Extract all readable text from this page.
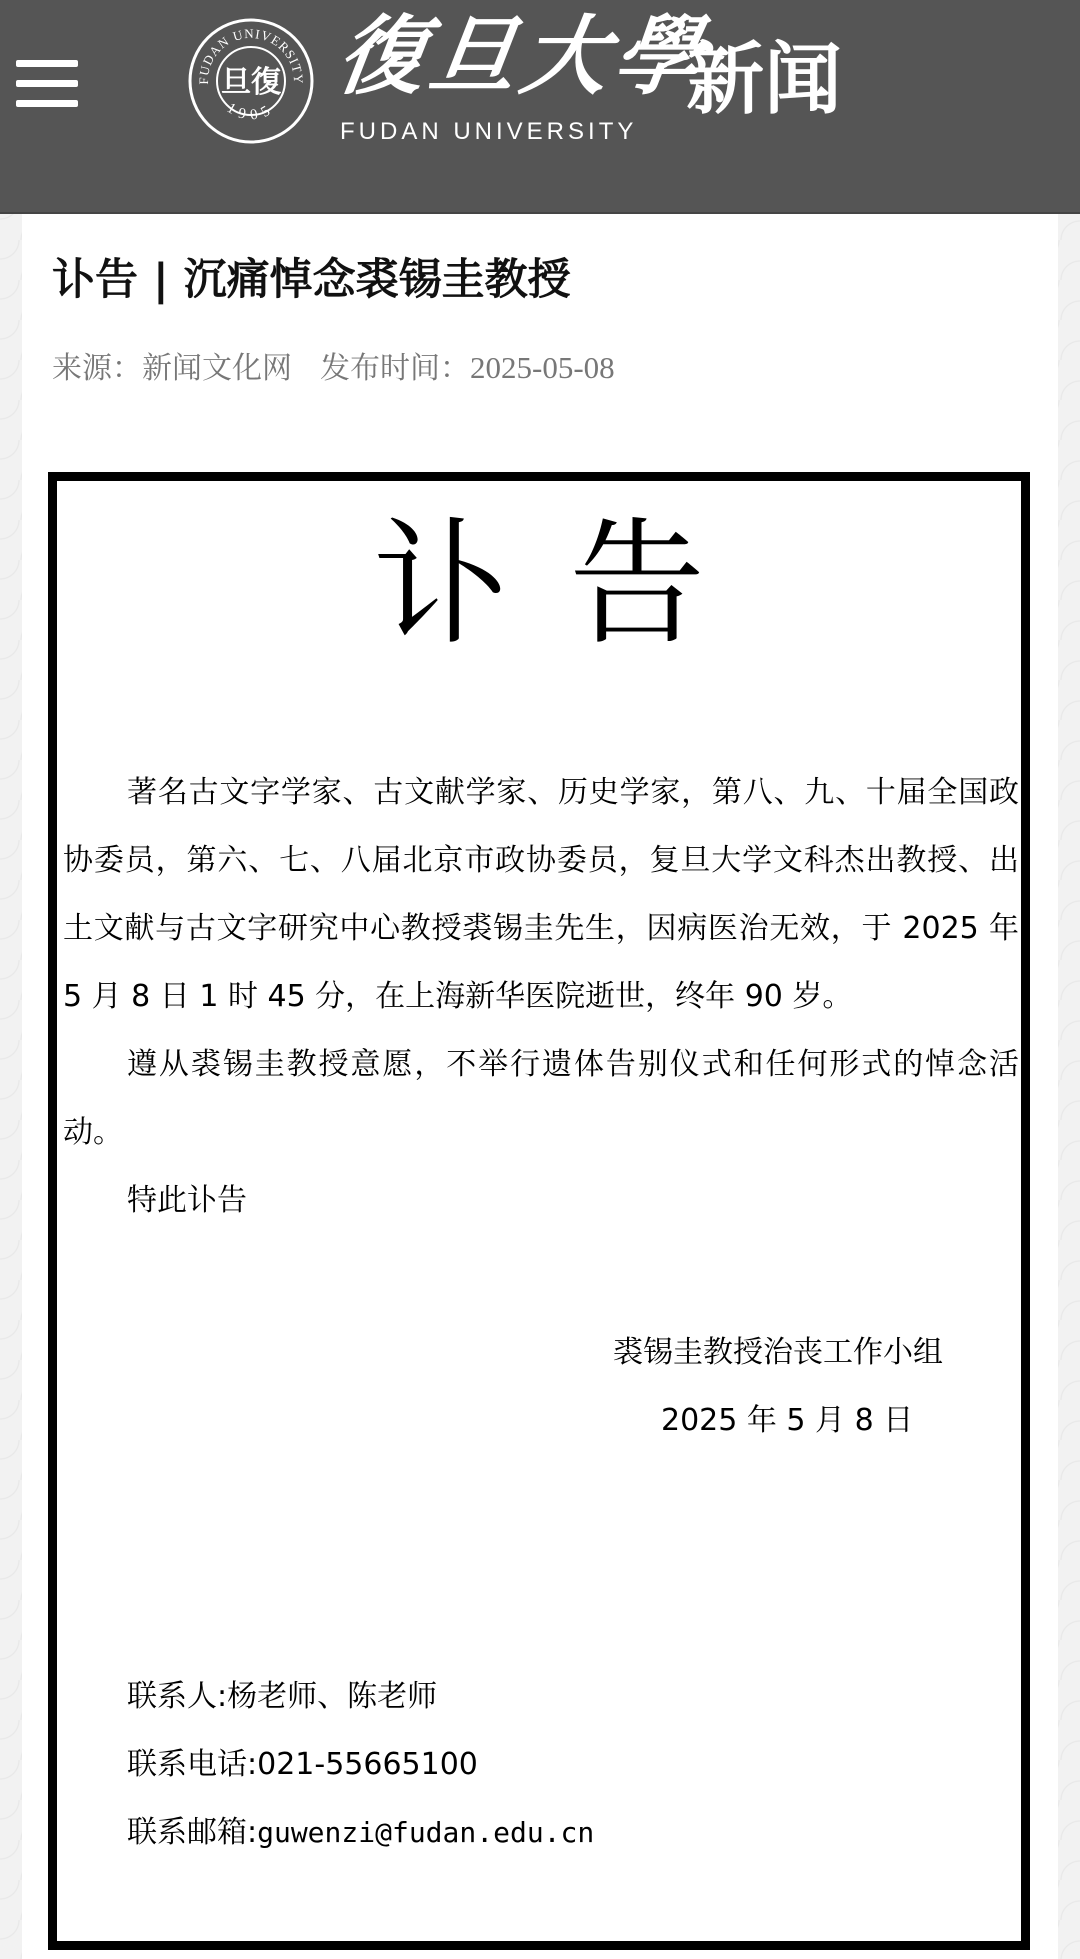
FUDAN UNIVERSITY
1905
旦復 復旦大學
FUDAN UNIVERSITY
新闻
讣告 | 沉痛悼念裘锡圭教授
来源：新闻文化网 发布时间：2025-05-08
讣告

著名古文字学家、古文献学家、历史学家，第八、九、十届全国政协委员，第六、七、八届北京市政协委员，复旦大学文科杰出教授、出土文献与古文字研究中心教授裘锡圭先生，因病医治无效，于 2025 年 5 月 8 日 1 时 45 分，在上海新华医院逝世，终年 90 岁。

遵从裘锡圭教授意愿，不举行遗体告别仪式和任何形式的悼念活动。

特此讣告

裘锡圭教授治丧工作小组
2025 年 5 月 8 日
联系人:杨老师、陈老师
联系电话:021-55665100
联系邮箱:guwenzi@fudan.edu.cn
